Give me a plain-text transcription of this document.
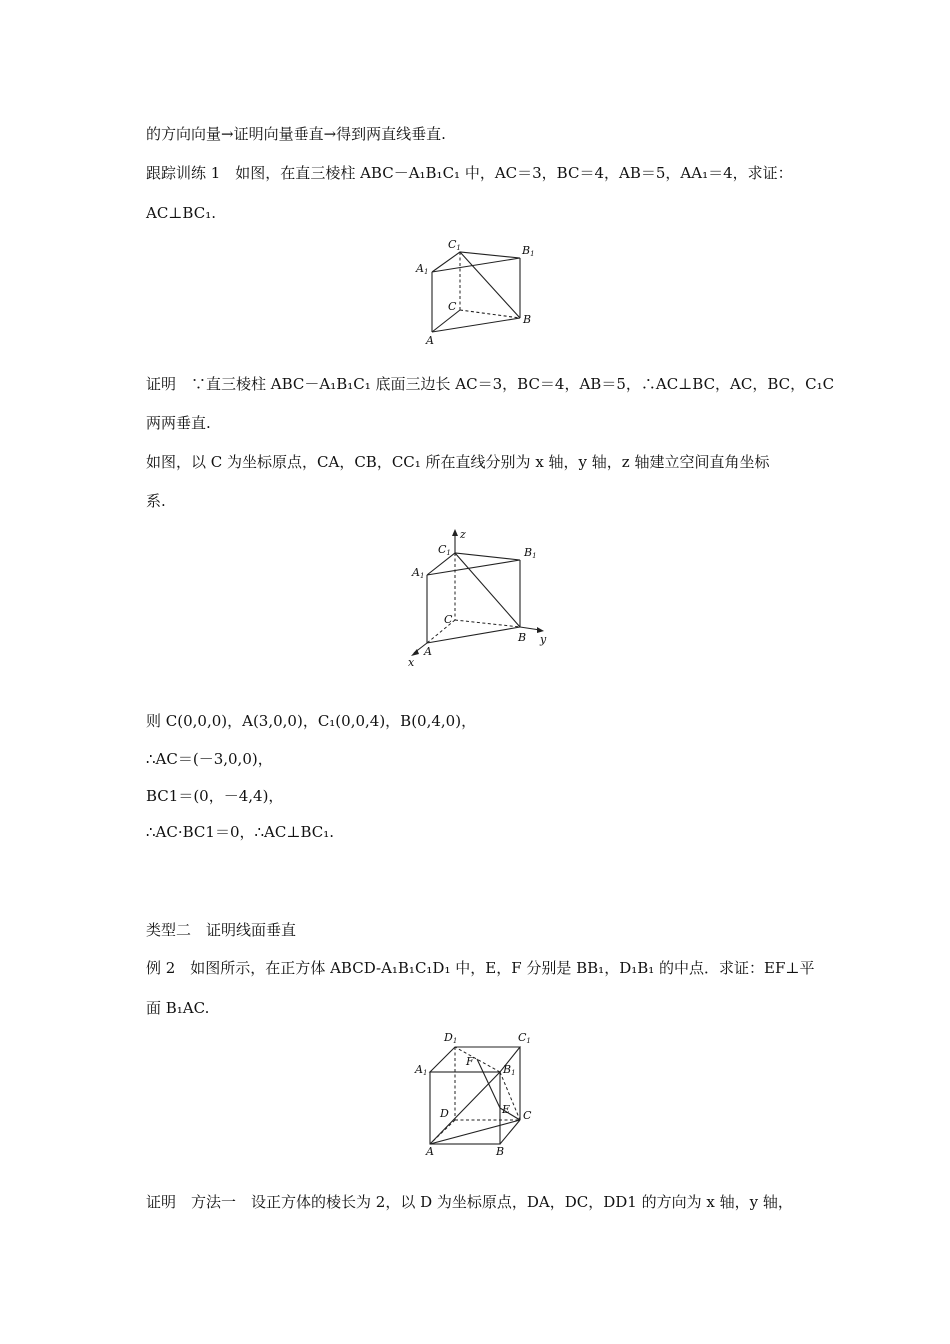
的方向向量→证明向量垂直→得到两直线垂直.
跟踪训练 1　如图，在直三棱柱 ABC－A₁B₁C₁ 中，AC＝3，BC＝4，AB＝5，AA₁＝4，求证：
AC⊥BC₁.
C1	B1
A1
C
B
A
证明　∵直三棱柱 ABC－A₁B₁C₁ 底面三边长 AC＝3，BC＝4，AB＝5，∴AC⊥BC，AC，BC，C₁C
两两垂直.
如图，以 C 为坐标原点，CA，CB，CC₁ 所在直线分别为 x 轴，y 轴，z 轴建立空间直角坐标
系.
z
y
x
C1	B1
A1
C
B
A
则 C(0,0,0)，A(3,0,0)，C₁(0,0,4)，B(0,4,0)，
∴AC＝(－3,0,0)，
BC1＝(0，－4,4)，
∴AC·BC1＝0，∴AC⊥BC₁.
类型二　证明线面垂直
例 2　如图所示，在正方体 ABCD-A₁B₁C₁D₁ 中，E，F 分别是 BB₁，D₁B₁ 的中点．求证：EF⊥平
面 B₁AC.
D1	C1
A1	B1
F
D	E C
B
A
证明　方法一　设正方体的棱长为 2，以 D 为坐标原点，DA，DC，DD1 的方向为 x 轴，y 轴，
